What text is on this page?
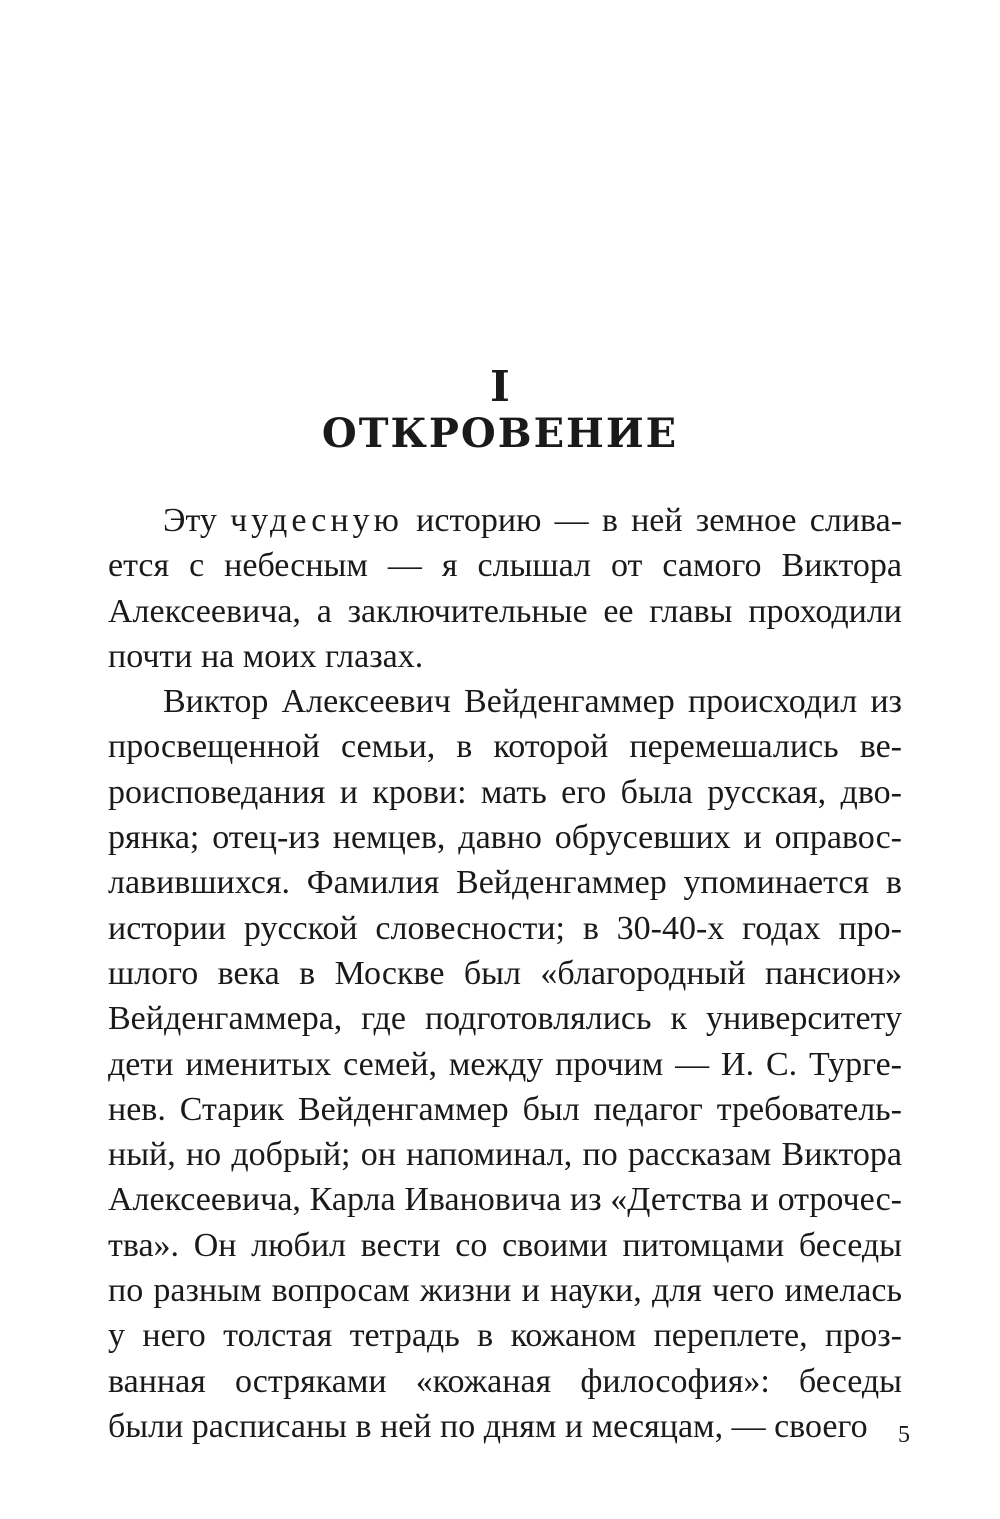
I
ОТКРОВЕНИЕ

Эту чудесную историю — в ней земное сливается с небесным — я слышал от самого Виктора Алексеевича, а заключительные ее главы проходили почти на моих глазах.

Виктор Алексеевич Вейденгаммер происходил из просвещенной семьи, в которой перемешались вероисповедания и крови: мать его была русская, дворянка; отец-из немцев, давно обрусевших и оправославившихся. Фамилия Вейденгаммер упоминается в истории русской словесности; в 30-40-х годах прошлого века в Москве был «благородный пансион» Вейденгаммера, где подготовлялись к университету дети именитых семей, между прочим — И. С. Тургенев. Старик Вейденгаммер был педагог требовательный, но добрый; он напоминал, по рассказам Виктора Алексеевича, Карла Ивановича из «Детства и отрочества». Он любил вести со своими питомцами беседы по разным вопросам жизни и науки, для чего имелась у него толстая тетрадь в кожаном переплете, прозванная остряками «кожаная философия»: беседы были расписаны в ней по дням и месяцам, — своего	5
